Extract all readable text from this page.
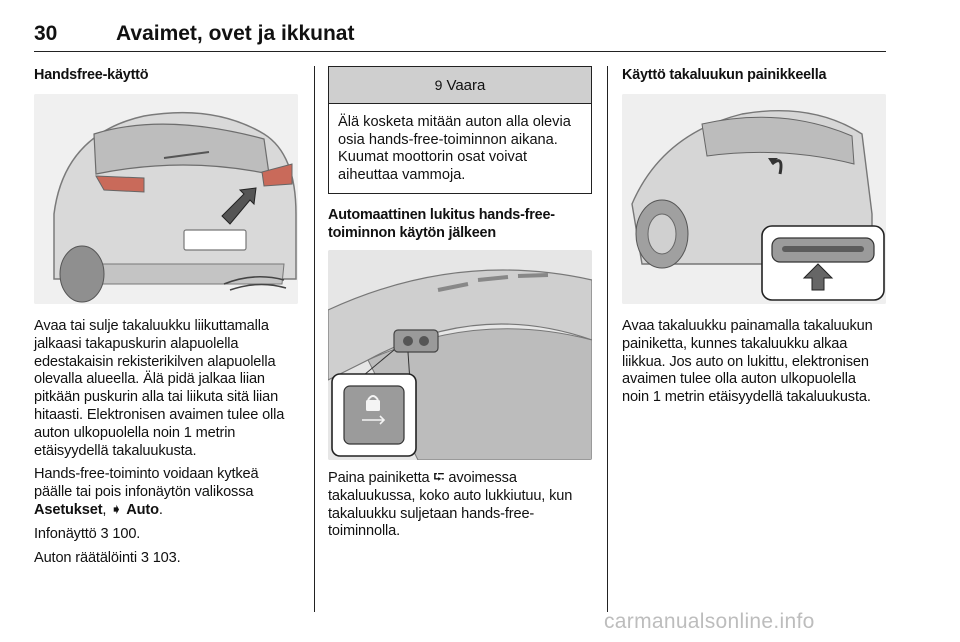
30	Avaimet, ovet ja ikkunat
Handsfree-käyttö

Avaa tai sulje takaluukku liikuttamalla jalkaasi takapuskurin alapuolella edestakaisin rekisterikilven alapuolella olevalla alueella. Älä pidä jalkaa liian pitkään puskurin alla tai liikuta sitä liian hitaasti. Elektronisen avaimen tulee olla auton ulkopuolella noin 1 metrin etäisyydellä takaluukusta.

Hands-free-toiminto voidaan kytkeä päälle tai pois infonäytön valikossa Asetukset, ➧ Auto.

Infonäyttö 3 100.

Auton räätälöinti 3 103.

9 Vaara
Älä kosketa mitään auton alla olevia osia hands-free-toiminnon aikana. Kuumat moottorin osat voivat aiheuttaa vammoja.
Automaattinen lukitus hands-free-toiminnon käytön jälkeen

Paina painiketta ⮓ avoimessa takaluukussa, koko auto lukkiutuu, kun takaluukku suljetaan hands-free-toiminnolla.

Käyttö takaluukun painikkeella

Avaa takaluukku painamalla takaluukun painiketta, kunnes takaluukku alkaa liikkua. Jos auto on lukittu, elektronisen avaimen tulee olla auton ulkopuolella noin 1 metrin etäisyydellä takaluukusta.

carmanualsonline.info
